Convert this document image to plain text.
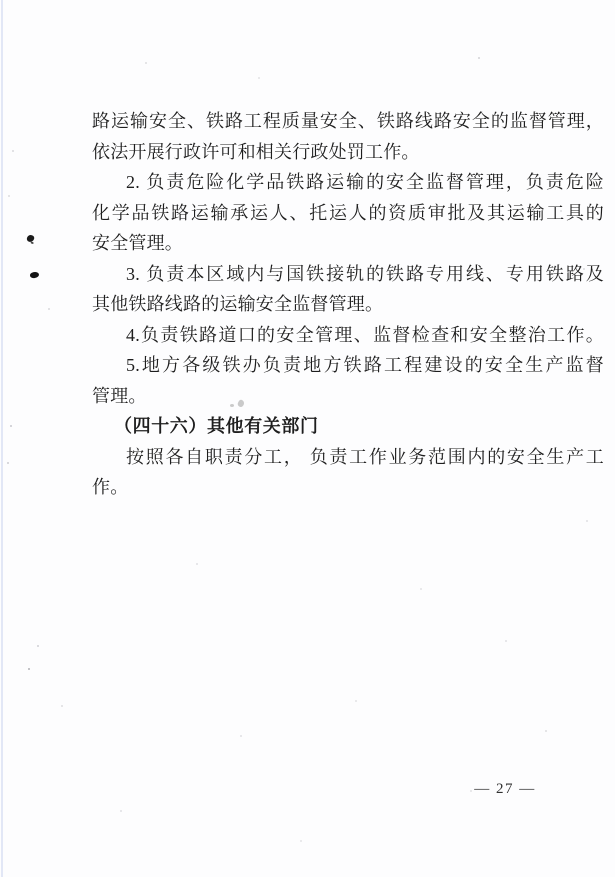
路运输安全、铁路工程质量安全、铁路线路安全的监督管理，
依法开展行政许可和相关行政处罚工作。
2. 负责危险化学品铁路运输的安全监督管理，负责危险
化学品铁路运输承运人、托运人的资质审批及其运输工具的
安全管理。
3. 负责本区域内与国铁接轨的铁路专用线、专用铁路及
其他铁路线路的运输安全监督管理。
4.负责铁路道口的安全管理、监督检查和安全整治工作。
5.地方各级铁办负责地方铁路工程建设的安全生产监督
管理。
（四十六）其他有关部门
按照各自职责分工， 负责工作业务范围内的安全生产工
作。
— 27 —
